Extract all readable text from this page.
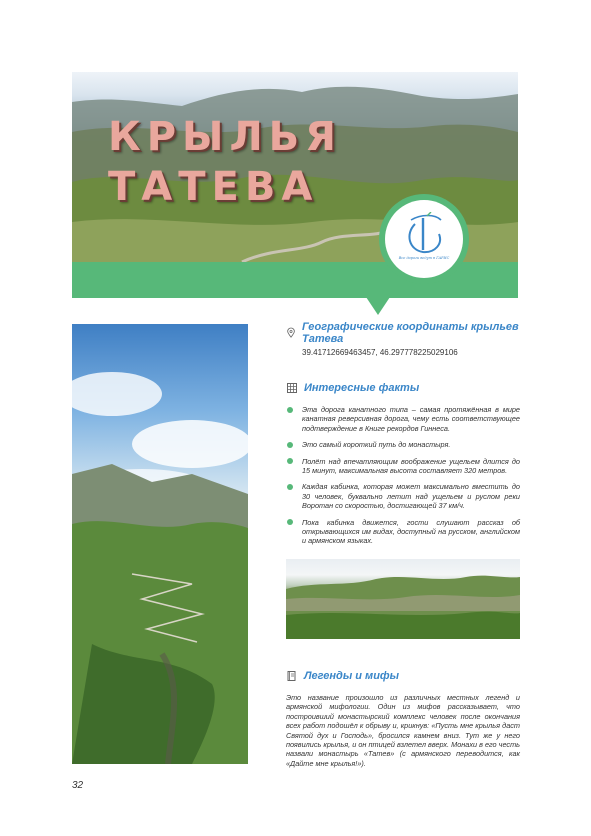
КРЫЛЬЯ
ТАТЕВА
Все дороги ведут в ГАРИС
Географические координаты крыльев Татева
39.41712669463457, 46.297778225029106
Интересные факты
Эта дорога канатного типа – самая протяжённая в мире канатная реверсивная дорога, чему есть соответствующее подтверждение в Книге рекордов Гиннеса.
Это самый короткий путь до монастыря.
Полёт над впечатляющим воображение ущельем длится до 15 минут, максимальная высота составляет 320 метров.
Каждая кабинка, которая может максимально вместить до 30 человек, буквально летит над ущельем и руслом реки Воротан со скоростью, достигающей 37 км/ч.
Пока кабинка движется, гости слушают рассказ об открывающихся им видах, доступный на русском, английском и армянском языках.
Легенды и мифы
Это название произошло из различных местных легенд и армянской мифологии. Один из мифов рассказывает, что построивший монастырский комплекс человек после окончания всех работ подошёл к обрыву и, крикнув: «Пусть мне крылья даст Святой дух и Господь», бросился камнем вниз. Тут же у него появились крылья, и он птицей взлетел вверх. Монахи в его честь назвали монастырь «Татев» (с армянского переводится, как «Дайте мне крылья!»).
32
